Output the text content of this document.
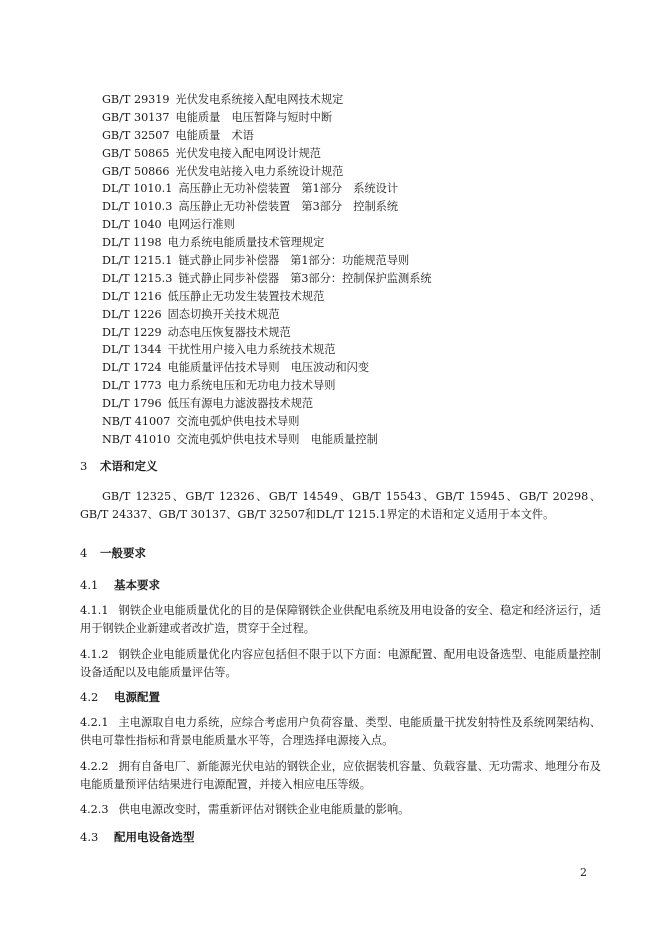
GB/T 29319 光伏发电系统接入配电网技术规定
GB/T 30137 电能质量　电压暂降与短时中断
GB/T 32507 电能质量　术语
GB/T 50865 光伏发电接入配电网设计规范
GB/T 50866 光伏发电站接入电力系统设计规范
DL/T 1010.1 高压静止无功补偿装置　第1部分　系统设计
DL/T 1010.3 高压静止无功补偿装置　第3部分　控制系统
DL/T 1040 电网运行准则
DL/T 1198 电力系统电能质量技术管理规定
DL/T 1215.1 链式静止同步补偿器　第1部分：功能规范导则
DL/T 1215.3 链式静止同步补偿器　第3部分：控制保护监测系统
DL/T 1216 低压静止无功发生装置技术规范
DL/T 1226 固态切换开关技术规范
DL/T 1229 动态电压恢复器技术规范
DL/T 1344 干扰性用户接入电力系统技术规范
DL/T 1724 电能质量评估技术导则　电压波动和闪变
DL/T 1773 电力系统电压和无功电力技术导则
DL/T 1796 低压有源电力滤波器技术规范
NB/T 41007 交流电弧炉供电技术导则
NB/T 41010 交流电弧炉供电技术导则　电能质量控制
3 术语和定义

GB/T 12325、GB/T 12326、GB/T 14549、GB/T 15543、GB/T 15945、GB/T 20298、GB/T 24337、GB/T 30137、GB/T 32507和DL/T 1215.1界定的术语和定义适用于本文件。

4 一般要求
4.1 基本要求

4.1.1 钢铁企业电能质量优化的目的是保障钢铁企业供配电系统及用电设备的安全、稳定和经济运行，适用于钢铁企业新建或者改扩造，贯穿于全过程。

4.1.2 钢铁企业电能质量优化内容应包括但不限于以下方面：电源配置、配用电设备选型、电能质量控制设备适配以及电能质量评估等。

4.2 电源配置

4.2.1 主电源取自电力系统，应综合考虑用户负荷容量、类型、电能质量干扰发射特性及系统网架结构、供电可靠性指标和背景电能质量水平等，合理选择电源接入点。

4.2.2 拥有自备电厂、新能源光伏电站的钢铁企业，应依据装机容量、负载容量、无功需求、地理分布及电能质量预评估结果进行电源配置，并接入相应电压等级。

4.2.3 供电电源改变时，需重新评估对钢铁企业电能质量的影响。

4.3 配用电设备选型
2
